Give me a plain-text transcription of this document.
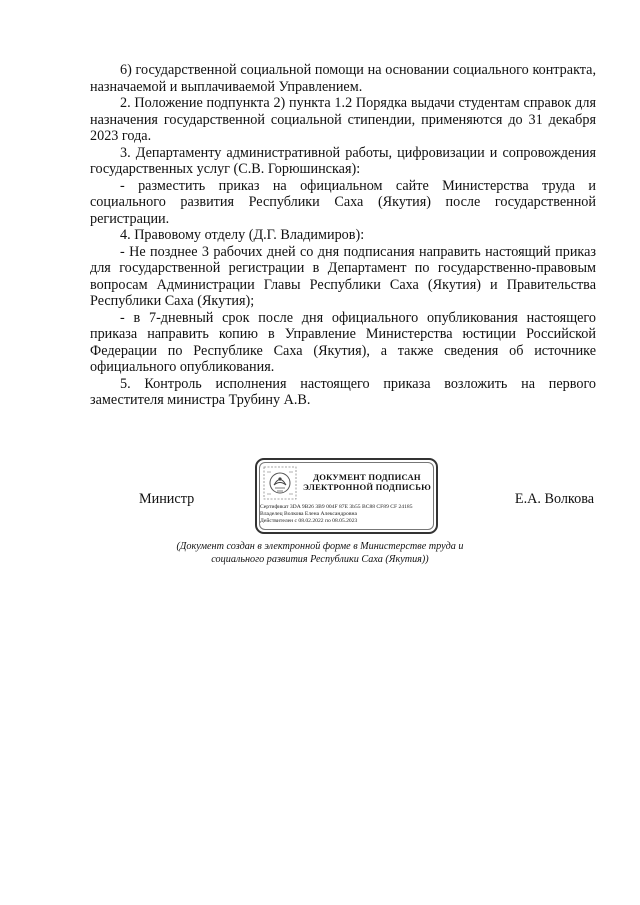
6) государственной социальной помощи на основании социального контракта, назначаемой и выплачиваемой Управлением.

2. Положение подпункта 2) пункта 1.2 Порядка выдачи студентам справок для назначения государственной социальной стипендии, применяются до 31 декабря 2023 года.

3. Департаменту административной работы, цифровизации и сопровождения государственных услуг (С.В. Горюшинская):

- разместить приказ на официальном сайте Министерства труда и социального развития Республики Саха (Якутия) после государственной регистрации.

4. Правовому отделу (Д.Г. Владимиров):

- Не позднее 3 рабочих дней со дня подписания направить настоящий приказ для государственной регистрации в Департамент по государственно-правовым вопросам Администрации Главы Республики Саха (Якутия) и Правительства Республики Саха (Якутия);

- в 7-дневный срок после дня официального опубликования настоящего приказа направить копию в Управление Министерства юстиции Российской Федерации по Республике Саха (Якутия), а также сведения об источнике официального опубликования.

5. Контроль исполнения настоящего приказа возложить на первого заместителя министра Трубину А.В.

Министр
ДОКУМЕНТ ПОДПИСАН
ЭЛЕКТРОННОЙ ПОДПИСЬЮ
Сертификат 3DA 9B26 3B9 004F 87E 3b55 BC88 CF89 CF 24185
Владелец Волкова Елена Александровна
Действителен с 08.02.2022 по 08.05.2023
Е.А. Волкова
(Документ создан в электронной форме в Министерстве труда и
социального развития Республики Саха (Якутия))
